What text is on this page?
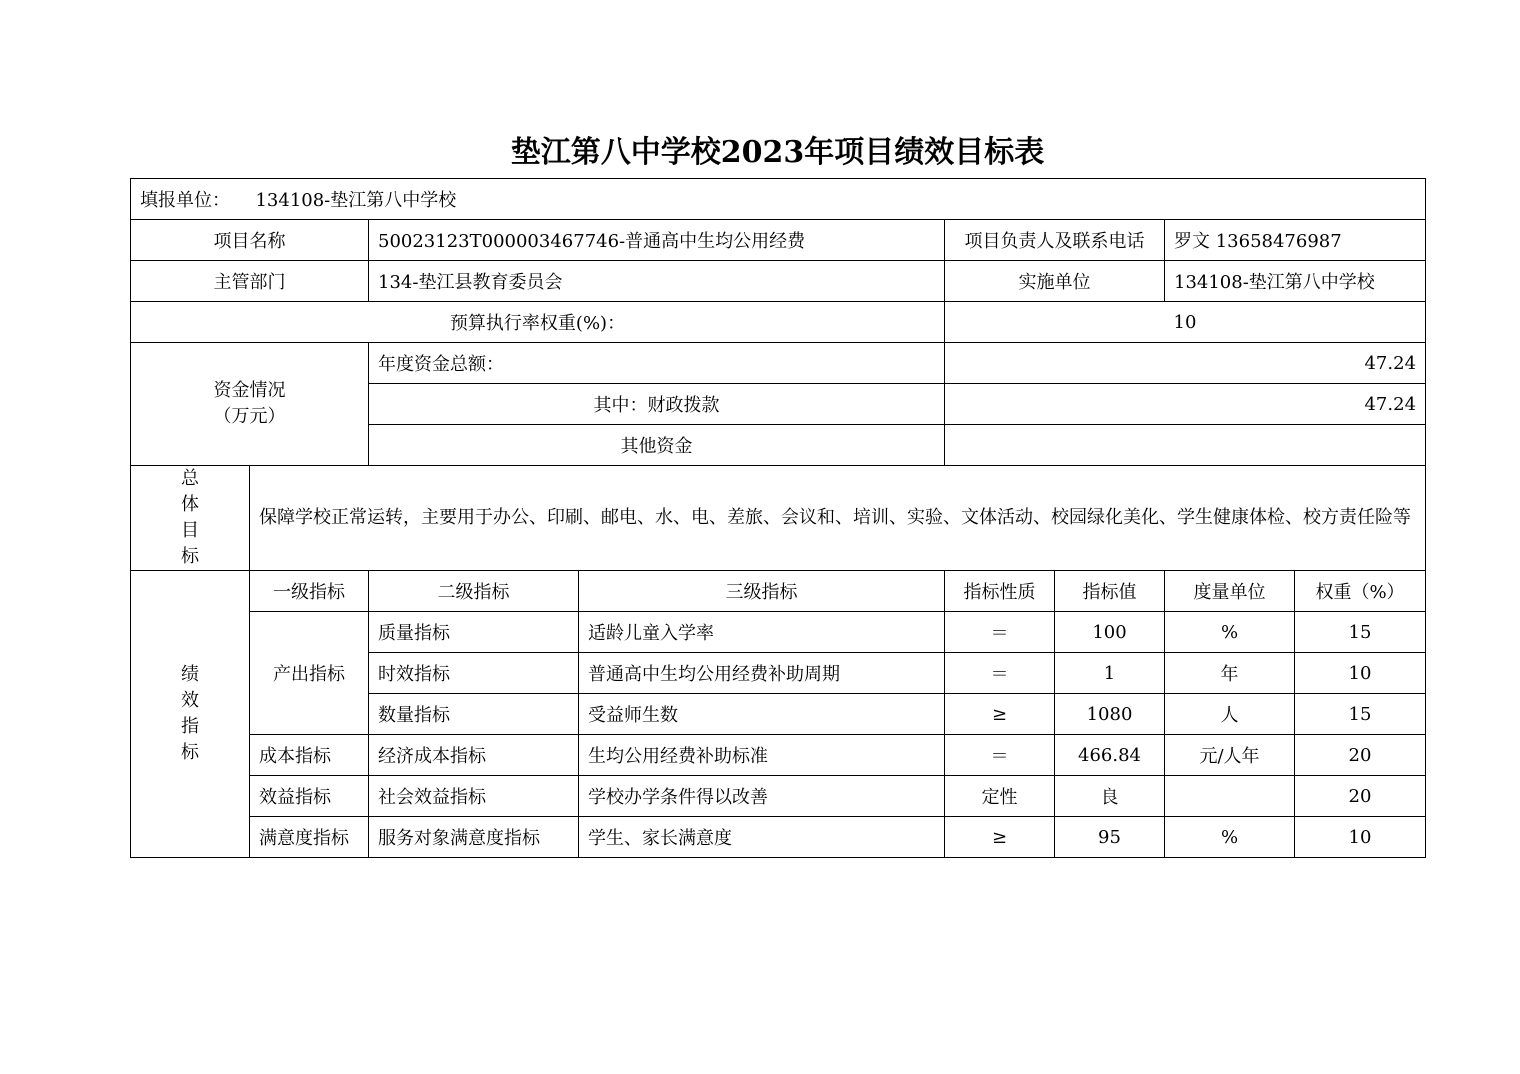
垫江第八中学校2023年项目绩效目标表
填报单位： 134108-垫江第八中学校							
项目名称		50023123T000003467746-普通高中生均公用经费		项目负责人及联系电话		罗文 13658476987	
主管部门		134-垫江县教育委员会		实施单位		134108-垫江第八中学校	
预算执行率权重(%)：				10			

资金情况
（万元）		年度资金总额：		47.24			
		其中：财政拨款		47.24			
		其他资金					

总
体
目
标	保障学校正常运转，主要用于办公、印刷、邮电、水、电、差旅、会议和、培训、实验、文体活动、校园绿化美化、学生健康体检、校方责任险等						

绩
效
指
标	一级指标	二级指标	三级指标	指标性质	指标值	度量单位	权重（%）
	产出指标	质量指标	适龄儿童入学率	＝	100	%	15
		时效指标	普通高中生均公用经费补助周期	＝	1	年	10
		数量指标	受益师生数	≥	1080	人	15
	成本指标	经济成本指标	生均公用经费补助标准	＝	466.84	元/人年	20
	效益指标	社会效益指标	学校办学条件得以改善	定性	良		20
	满意度指标	服务对象满意度指标	学生、家长满意度	≥	95	%	10
